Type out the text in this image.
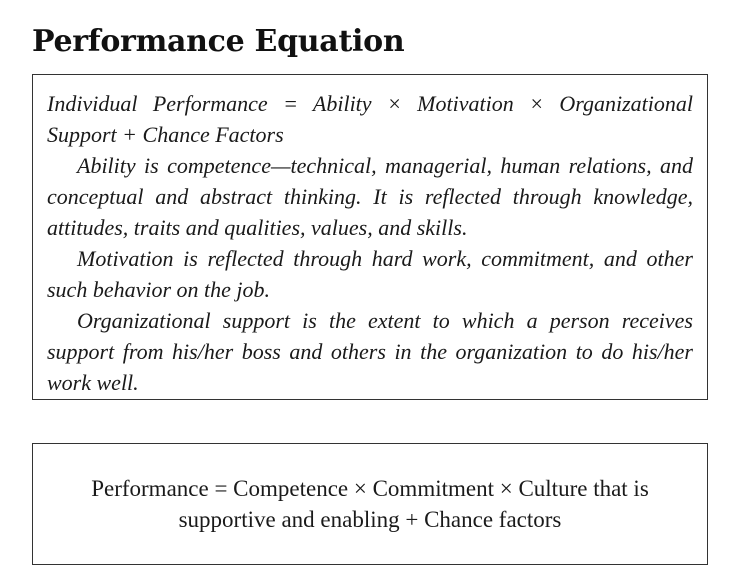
Performance Equation

Individual Performance = Ability × Motivation × Organizational Support + Chance Factors

Ability is competence—technical, managerial, human relations, and conceptual and abstract thinking. It is reflected through knowledge, attitudes, traits and qualities, values, and skills.

Motivation is reflected through hard work, commitment, and other such behavior on the job.

Organizational support is the extent to which a person receives support from his/her boss and others in the organization to do his/her work well.

Performance = Competence × Commitment × Culture that is supportive and enabling + Chance factors
